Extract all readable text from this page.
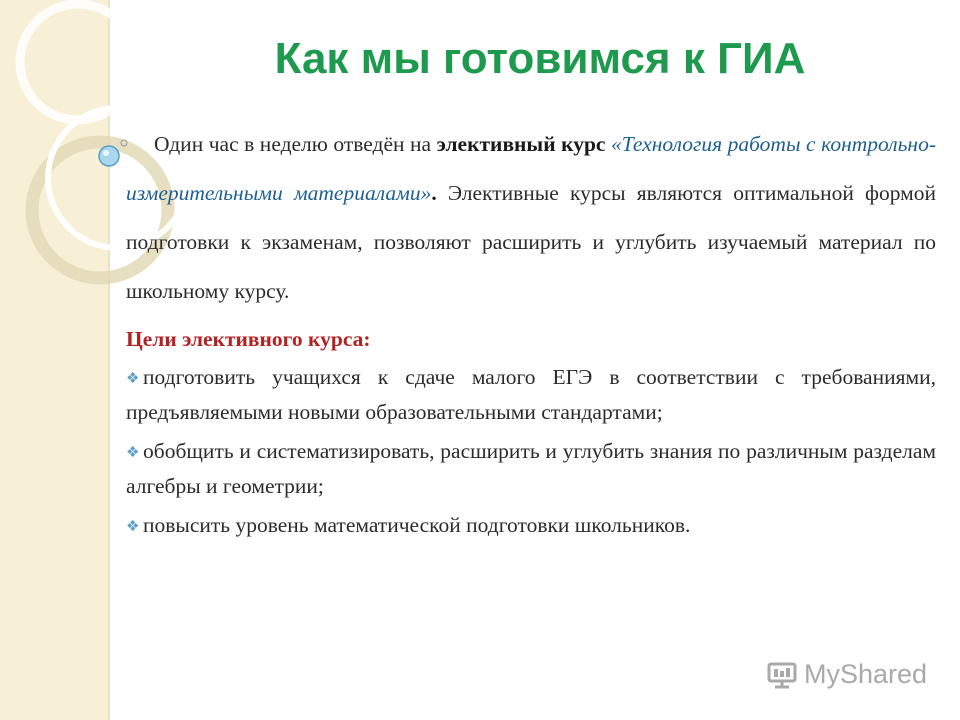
Как мы готовимся к ГИА

Один час в неделю отведён на элективный курс «Технология работы с контрольно-измерительными материалами». Элективные курсы являются оптимальной формой подготовки к экзаменам, позволяют расширить и углубить изучаемый материал по школьному курсу.

Цели элективного курса:

❖ подготовить учащихся к сдаче малого ЕГЭ в соответствии с требованиями, предъявляемыми новыми образовательными стандартами;

❖ обобщить и систематизировать, расширить и углубить знания по различным разделам алгебры и геометрии;

❖ повысить уровень математической подготовки школьников.

MyShared
